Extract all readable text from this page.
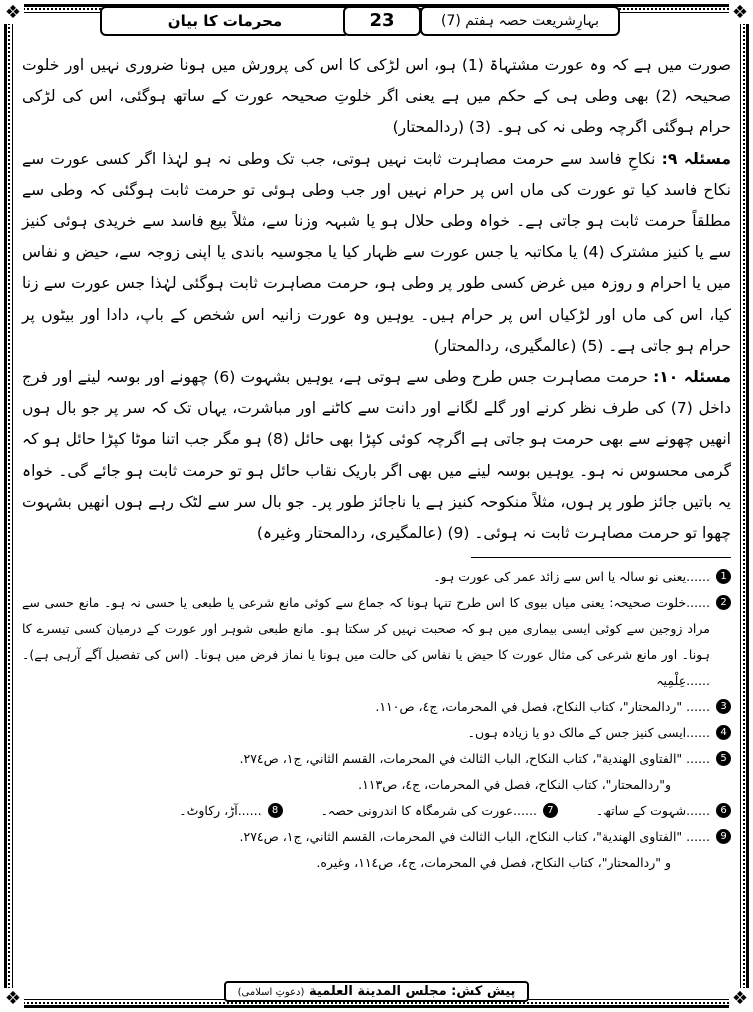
❖	❖
❖	❖
محرمات کا بیان	23	بہارِشریعت حصہ ہفتم (7)

صورت میں ہے کہ وہ عورت مشتہاۃ (1) ہو، اس لڑکی کا اس کی پرورش میں ہونا ضروری نہیں اور خلوت صحیحہ (2) بھی وطی ہی کے حکم میں ہے یعنی اگر خلوتِ صحیحہ عورت کے ساتھ ہوگئی، اس کی لڑکی حرام ہوگئی اگرچہ وطی نہ کی ہو۔ (3) (ردالمحتار)

مسئلہ ۹: نکاحِ فاسد سے حرمت مصاہرت ثابت نہیں ہوتی، جب تک وطی نہ ہو لہٰذا اگر کسی عورت سے نکاح فاسد کیا تو عورت کی ماں اس پر حرام نہیں اور جب وطی ہوئی تو حرمت ثابت ہوگئی کہ وطی سے مطلقاً حرمت ثابت ہو جاتی ہے۔ خواہ وطی حلال ہو یا شبہہ وزنا سے، مثلاً بیع فاسد سے خریدی ہوئی کنیز سے یا کنیز مشترک (4) یا مکاتبہ یا جس عورت سے ظہار کیا یا مجوسیہ باندی یا اپنی زوجہ سے، حیض و نفاس میں یا احرام و روزہ میں غرض کسی طور پر وطی ہو، حرمت مصاہرت ثابت ہوگئی لہٰذا جس عورت سے زنا کیا، اس کی ماں اور لڑکیاں اس پر حرام ہیں۔ یوہیں وہ عورت زانیہ اس شخص کے باپ، دادا اور بیٹوں پر حرام ہو جاتی ہے۔ (5) (عالمگیری، ردالمحتار)

مسئلہ ۱۰: حرمت مصاہرت جس طرح وطی سے ہوتی ہے، یوہیں بشہوت (6) چھونے اور بوسہ لینے اور فرج داخل (7) کی طرف نظر کرنے اور گلے لگانے اور دانت سے کاٹنے اور مباشرت، یہاں تک کہ سر پر جو بال ہوں انھیں چھونے سے بھی حرمت ہو جاتی ہے اگرچہ کوئی کپڑا بھی حائل (8) ہو مگر جب اتنا موٹا کپڑا حائل ہو کہ گرمی محسوس نہ ہو۔ یوہیں بوسہ لینے میں بھی اگر باریک نقاب حائل ہو تو حرمت ثابت ہو جائے گی۔ خواہ یہ باتیں جائز طور پر ہوں، مثلاً منکوحہ کنیز ہے یا ناجائز طور پر۔ جو بال سر سے لٹک رہے ہوں انھیں بشہوت چھوا تو حرمت مصاہرت ثابت نہ ہوئی۔ (9) (عالمگیری، ردالمحتار وغیرہ)

1
......یعنی نو سالہ یا اس سے زائد عمر کی عورت ہو۔

2
......خلوت صحیحہ: یعنی میاں بیوی کا اس طرح تنہا ہونا کہ جماع سے کوئی مانع شرعی یا طبعی یا حسی نہ ہو۔ مانع حسی سے مراد زوجین سے کوئی ایسی بیماری میں ہو کہ صحبت نہیں کر سکتا ہو۔ مانع طبعی شوہر اور عورت کے درمیان کسی تیسرے کا ہونا۔ اور مانع شرعی کی مثال عورت کا حیض یا نفاس کی حالت میں ہونا یا نماز فرض میں ہونا۔ (اس کی تفصیل آگے آرہی ہے)۔ ......عِلْمِیہ

3
...... "ردالمحتار"، كتاب النكاح، فصل في المحرمات، ج٤، ص١١٠.

4
......ایسی کنیز جس کے مالک دو یا زیادہ ہوں۔

5
...... "الفتاوى الهندية"، كتاب النكاح، الباب الثالث في المحرمات، القسم الثاني، ج١، ص٢٧٤.

و"ردالمحتار"، كتاب النكاح، فصل في المحرمات، ج٤، ص١١٣.

6
......شہوت کے ساتھ۔
7
......عورت کی شرمگاہ کا اندرونی حصہ۔
8
......آڑ، رکاوٹ۔

9
...... "الفتاوى الهندية"، كتاب النكاح، الباب الثالث في المحرمات، القسم الثاني، ج١، ص٢٧٤.

و "ردالمحتار"، كتاب النكاح، فصل في المحرمات، ج٤، ص١١٤، وغيره.

پیش کش: مجلس المدينة العلمية (دعوتِ اسلامی)
